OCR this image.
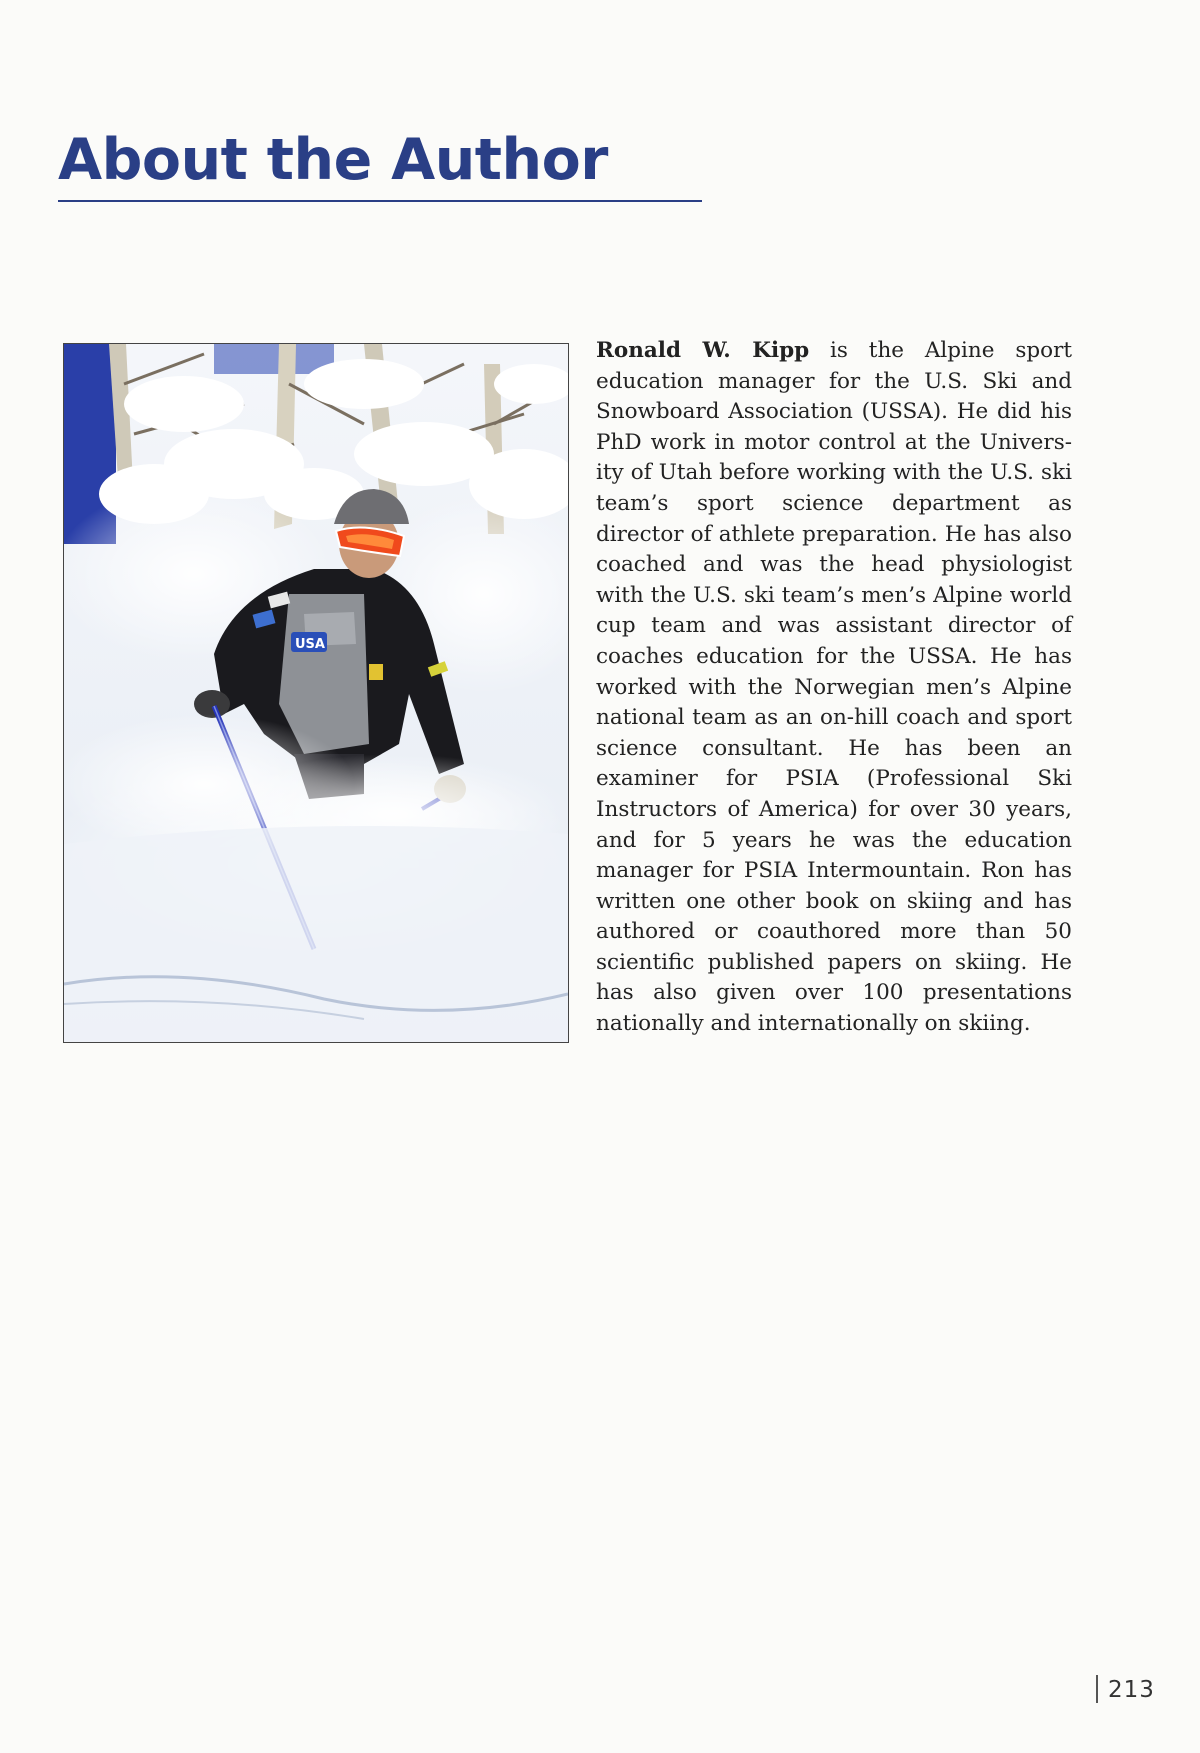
About the Author
USA

Ronald W. Kipp is the Alpine sport education manager for the U.S. Ski and Snowboard Association (USSA). He did his PhD work in motor control at the University of Utah before working with the U.S. ski team’s sport science department as director of athlete preparation. He has also coached and was the head physiologist with the U.S. ski team’s men’s Alpine world cup team and was assistant director of coaches education for the USSA. He has worked with the Norwegian men’s Alpine national team as an on-hill coach and sport science consultant. He has been an examiner for PSIA (Professional Ski Instructors of America) for over 30 years, and for 5 years he was the education manager for PSIA Intermountain. Ron has written one other book on skiing and has authored or coauthored more than 50 scientific published papers on skiing. He has also given over 100 presentations nationally and internationally on skiing.

213
